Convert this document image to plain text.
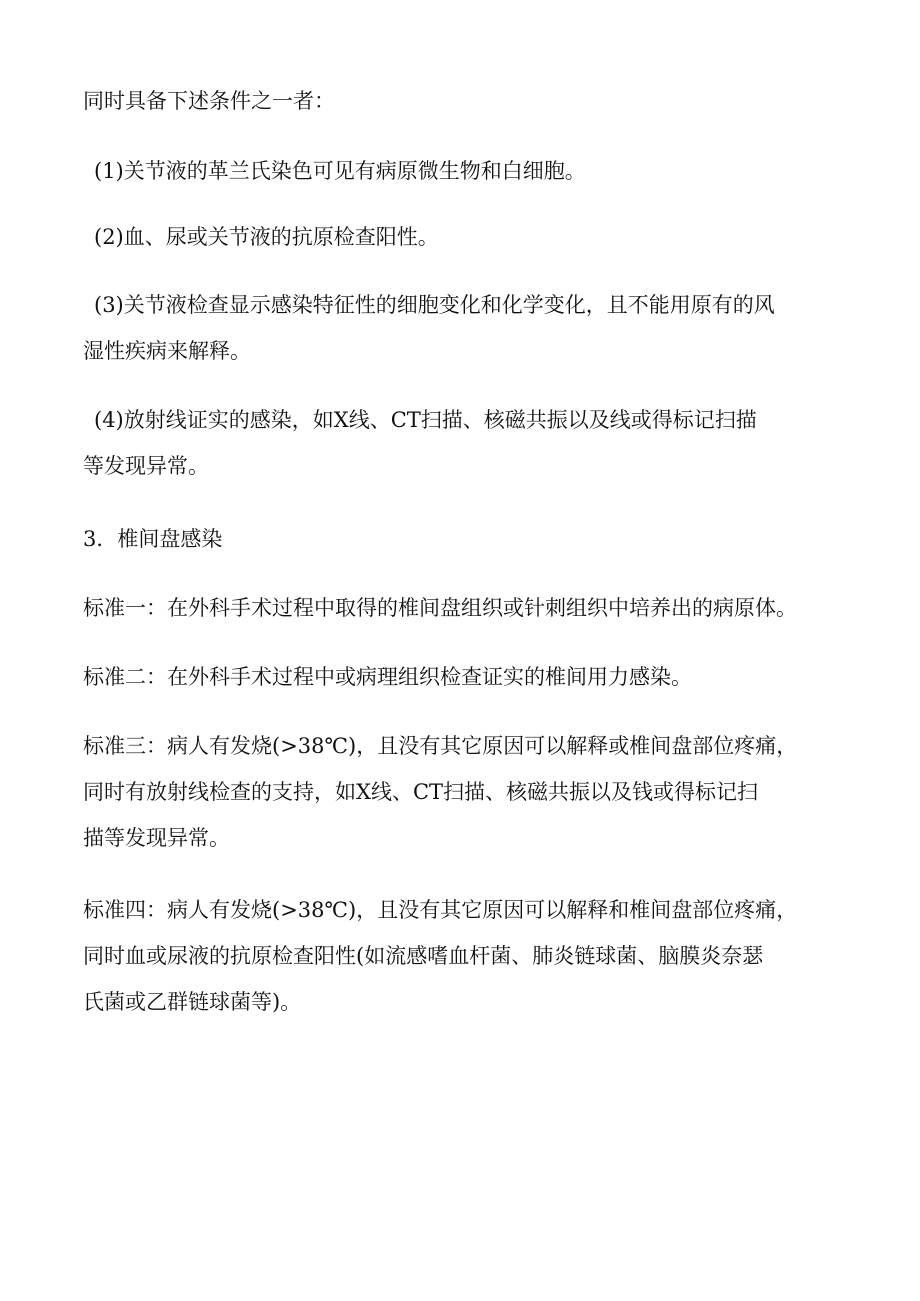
同时具备下述条件之一者：

(1)关节液的革兰氏染色可见有病原微生物和白细胞。

(2)血、尿或关节液的抗原检查阳性。

(3)关节液检查显示感染特征性的细胞变化和化学变化，且不能用原有的风
湿性疾病来解释。

(4)放射线证实的感染，如X线、CT扫描、核磁共振以及线或得标记扫描
等发现异常。

3．椎间盘感染

标准一：在外科手术过程中取得的椎间盘组织或针刺组织中培养出的病原体。

标准二：在外科手术过程中或病理组织检查证实的椎间用力感染。

标准三：病人有发烧(>38℃)，且没有其它原因可以解释或椎间盘部位疼痛，
同时有放射线检查的支持，如X线、CT扫描、核磁共振以及钱或得标记扫
描等发现异常。

标准四：病人有发烧(>38℃)，且没有其它原因可以解释和椎间盘部位疼痛，
同时血或尿液的抗原检查阳性(如流感嗜血杆菌、肺炎链球菌、脑膜炎奈瑟
氏菌或乙群链球菌等)。
